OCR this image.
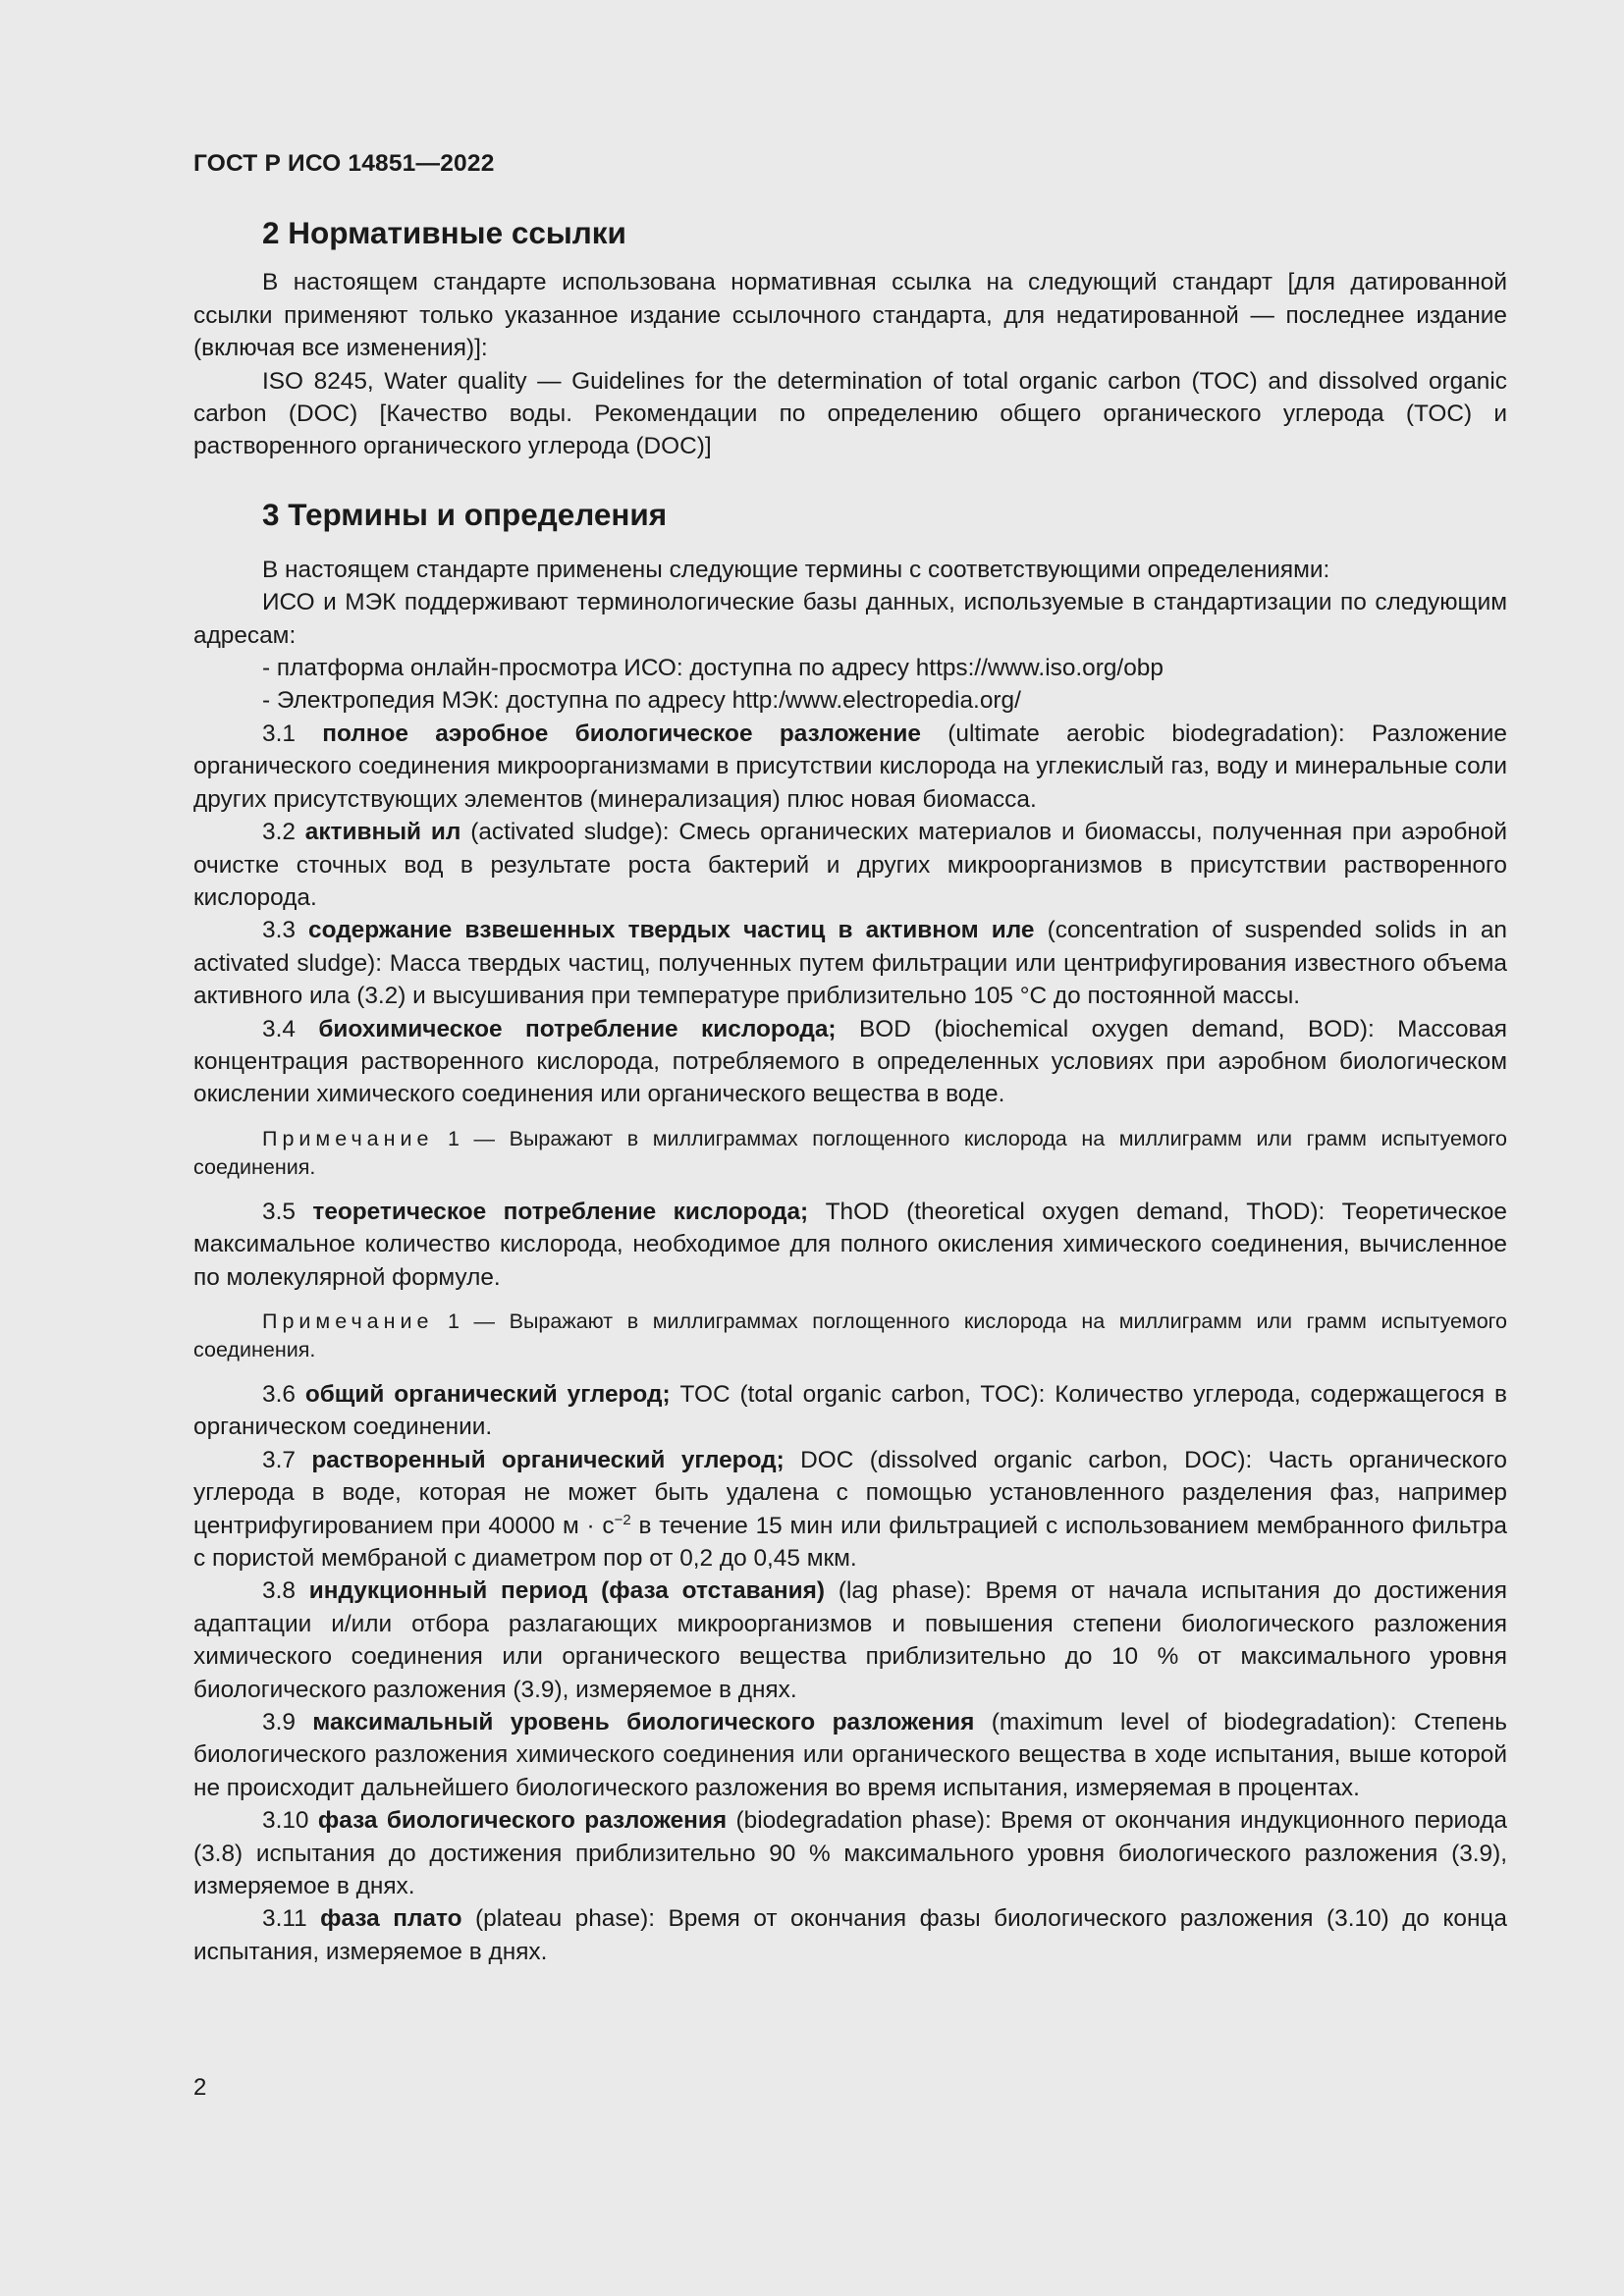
ГОСТ Р ИСО 14851—2022
2 Нормативные ссылки

В настоящем стандарте использована нормативная ссылка на следующий стандарт [для датированной ссылки применяют только указанное издание ссылочного стандарта, для недатированной — последнее издание (включая все изменения)]:

ISO 8245, Water quality — Guidelines for the determination of total organic carbon (TOC) and dissolved organic carbon (DOC) [Качество воды. Рекомендации по определению общего органического углерода (TOC) и растворенного органического углерода (DOC)]

3 Термины и определения

В настоящем стандарте применены следующие термины с соответствующими определениями:

ИСО и МЭК поддерживают терминологические базы данных, используемые в стандартизации по следующим адресам:

- платформа онлайн-просмотра ИСО: доступна по адресу https://www.iso.org/obp

- Электропедия МЭК: доступна по адресу http:/www.electropedia.org/

3.1 полное аэробное биологическое разложение (ultimate aerobic biodegradation): Разложение органического соединения микроорганизмами в присутствии кислорода на углекислый газ, воду и минеральные соли других присутствующих элементов (минерализация) плюс новая биомасса.

3.2 активный ил (activated sludge): Смесь органических материалов и биомассы, полученная при аэробной очистке сточных вод в результате роста бактерий и других микроорганизмов в присутствии растворенного кислорода.

3.3 содержание взвешенных твердых частиц в активном иле (concentration of suspended solids in an activated sludge): Масса твердых частиц, полученных путем фильтрации или центрифугирования известного объема активного ила (3.2) и высушивания при температуре приблизительно 105 °С до постоянной массы.

3.4 биохимическое потребление кислорода; BOD (biochemical oxygen demand, BOD): Массовая концентрация растворенного кислорода, потребляемого в определенных условиях при аэробном биологическом окислении химического соединения или органического вещества в воде.

Примечание 1 — Выражают в миллиграммах поглощенного кислорода на миллиграмм или грамм испытуемого соединения.

3.5 теоретическое потребление кислорода; ThOD (theoretical oxygen demand, ThOD): Теоретическое максимальное количество кислорода, необходимое для полного окисления химического соединения, вычисленное по молекулярной формуле.

Примечание 1 — Выражают в миллиграммах поглощенного кислорода на миллиграмм или грамм испытуемого соединения.

3.6 общий органический углерод; TOC (total organic carbon, TOC): Количество углерода, содержащегося в органическом соединении.

3.7 растворенный органический углерод; DOC (dissolved organic carbon, DOC): Часть органического углерода в воде, которая не может быть удалена с помощью установленного разделения фаз, например центрифугированием при 40000 $м \cdot с^{-2}$ в течение 15 мин или фильтрацией с использованием мембранного фильтра с пористой мембраной с диаметром пор от 0,2 до 0,45 мкм.

3.8 индукционный период (фаза отставания) (lag phase): Время от начала испытания до достижения адаптации и/или отбора разлагающих микроорганизмов и повышения степени биологического разложения химического соединения или органического вещества приблизительно до 10 % от максимального уровня биологического разложения (3.9), измеряемое в днях.

3.9 максимальный уровень биологического разложения (maximum level of biodegradation): Степень биологического разложения химического соединения или органического вещества в ходе испытания, выше которой не происходит дальнейшего биологического разложения во время испытания, измеряемая в процентах.

3.10 фаза биологического разложения (biodegradation phase): Время от окончания индукционного периода (3.8) испытания до достижения приблизительно 90 % максимального уровня биологического разложения (3.9), измеряемое в днях.

3.11 фаза плато (plateau phase): Время от окончания фазы биологического разложения (3.10) до конца испытания, измеряемое в днях.

2
